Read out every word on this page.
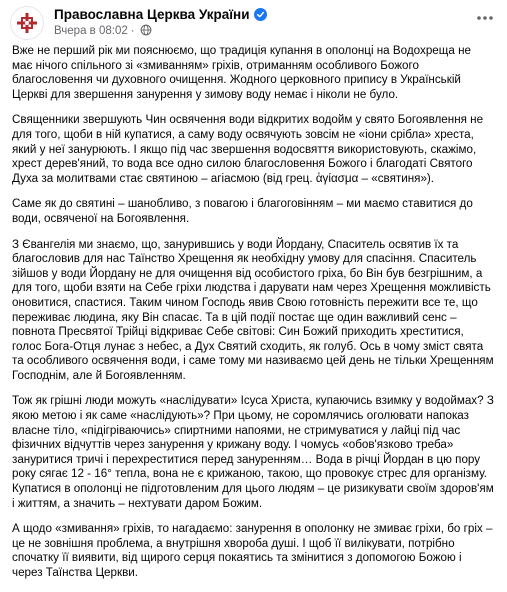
Православна Церква України
Вчера в 08:02 ·

Вже не перший рік ми пояснюємо, що традиція купання в ополонці на Водохреща не має нічого спільного зі «змиванням» гріхів, отриманням особливого Божого благословення чи духовного очищення. Жодного церковного припису в Українській Церкві для звершення занурення у зимову воду немає і ніколи не було.

Священники звершують Чин освячення води відкритих водойм у свято Богоявлення не для того, щоби в ній купатися, а саму воду освячують зовсім не «іони срібла» хреста, який у неї занурюють. І якщо під час звершення водосвяття використовують, скажімо, хрест дерев'яний, то вода все одно силою благословення Божого і благодаті Святого Духа за молитвами стає святиною – агіасмою (від грец. ἁγίασμα – «святиня»).

Саме як до святині – шанобливо, з повагою і благоговінням – ми маємо ставитися до води, освяченої на Богоявлення.

З Євангелія ми знаємо, що, занурившись у води Йордану, Спаситель освятив їх та благословив для нас Таїнство Хрещення як необхідну умову для спасіння. Спаситель зійшов у води Йордану не для очищення від особистого гріха, бо Він був безгрішним, а для того, щоби взяти на Себе гріхи людства і дарувати нам через Хрещення можливість оновитися, спастися. Таким чином Господь явив Свою готовність пережити все те, що переживає людина, яку Він спасає. Та в цій події постає ще один важливий сенс – повнота Пресвятої Трійці відкриває Себе світові: Син Божий приходить хреститися, голос Бога-Отця лунає з небес, а Дух Святий сходить, як голуб. Ось в чому зміст свята та особливого освячення води, і саме тому ми називаємо цей день не тільки Хрещенням Господнім, але й Богоявленням.

Тож як грішні люди можуть «наслідувати» Ісуса Христа, купаючись взимку у водоймах? З якою метою і як саме «наслідують»? При цьому, не соромлячись оголювати напоказ власне тіло, «підігріваючись» спиртними напоями, не стримуватися у лайці під час фізичних відчуттів через занурення у крижану воду. І чомусь «обов'язково треба» зануритися тричі і перехреститися перед зануренням… Вода в річці Йордан в цю пору року сягає 12 - 16° тепла, вона не є крижаною, такою, що провокує стрес для організму. Купатися в ополонці не підготовленим для цього людям – це ризикувати своїм здоров'ям і життям, а значить – нехтувати даром Божим.

А щодо «змивання» гріхів, то нагадаємо: занурення в ополонку не змиває гріхи, бо гріх – це не зовнішня проблема, а внутрішня хвороба душі. І щоб її вилікувати, потрібно спочатку її виявити, від щирого серця покаятись та змінитися з допомогою Божою і через Таїнства Церкви.
